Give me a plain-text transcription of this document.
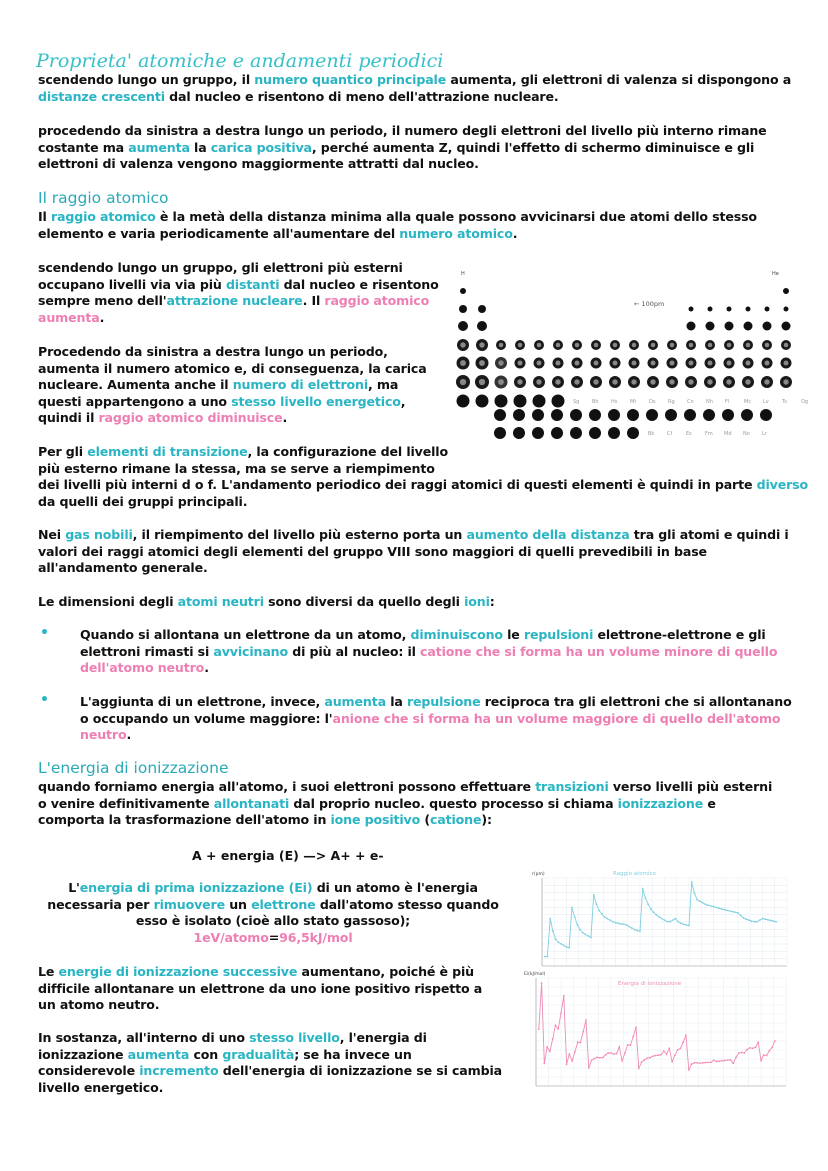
Proprieta' atomiche e andamenti periodici
scendendo lungo un gruppo, il numero quantico principale aumenta, gli elettroni di valenza si dispongono a
distanze crescenti dal nucleo e risentono di meno dell'attrazione nucleare.
procedendo da sinistra a destra lungo un periodo, il numero degli elettroni del livello più interno rimane
costante ma aumenta la carica positiva, perché aumenta Z, quindi l'effetto di schermo diminuisce e gli
elettroni di valenza vengono maggiormente attratti dal nucleo.
Il raggio atomico
Il raggio atomico è la metà della distanza minima alla quale possono avvicinarsi due atomi dello stesso
elemento e varia periodicamente all'aumentare del numero atomico.
scendendo lungo un gruppo, gli elettroni più esterni
occupano livelli via via più distanti dal nucleo e risentono
sempre meno dell'attrazione nucleare. Il raggio atomico
aumenta.
Procedendo da sinistra a destra lungo un periodo,
aumenta il numero atomico e, di conseguenza, la carica
nucleare. Aumenta anche il numero di elettroni, ma
questi appartengono a uno stesso livello energetico,
quindi il raggio atomico diminuisce.
Per gli elementi di transizione, la configurazione del livello
più esterno rimane la stessa, ma se serve a riempimento
dei livelli più interni d o f. L'andamento periodico dei raggi atomici di questi elementi è quindi in parte diverso
da quelli dei gruppi principali.
Nei gas nobili, il riempimento del livello più esterno porta un aumento della distanza tra gli atomi e quindi i
valori dei raggi atomici degli elementi del gruppo VIII sono maggiori di quelli prevedibili in base
all'andamento generale.
Le dimensioni degli atomi neutri sono diversi da quello degli ioni:
• Quando si allontana un elettrone da un atomo, diminuiscono le repulsioni elettrone-elettrone e gli
elettroni rimasti si avvicinano di più al nucleo: il catione che si forma ha un volume minore di quello
dell'atomo neutro.
• L'aggiunta di un elettrone, invece, aumenta la repulsione reciproca tra gli elettroni che si allontanano
o occupando un volume maggiore: l'anione che si forma ha un volume maggiore di quello dell'atomo
neutro.
L'energia di ionizzazione
quando forniamo energia all'atomo, i suoi elettroni possono effettuare transizioni verso livelli più esterni
o venire definitivamente allontanati dal proprio nucleo. questo processo si chiama ionizzazione e
comporta la trasformazione dell'atomo in ione positivo (catione):
A + energia (E) —> A+ + e-
L'energia di prima ionizzazione (Ei) di un atomo è l'energia
necessaria per rimuovere un elettrone dall'atomo stesso quando
esso è isolato (cioè allo stato gassoso);
1eV/atomo=96,5kJ/mol
Le energie di ionizzazione successive aumentano, poiché è più
difficile allontanare un elettrone da uno ione positivo rispetto a
un atomo neutro.
In sostanza, all'interno di uno stesso livello, l'energia di
ionizzazione aumenta con gradualità; se ha invece un
considerevole incremento dell'energia di ionizzazione se si cambia
livello energetico.
Sg	Bh Hs	Mt	Ds	Rg Cn Nh Fl	Mc Lv	Ts	Og
Bk	Cf	Es	Fm Md No Lr
H	He
← 100pm
Raggio atomico
r(pm)
Energia di ionizzazione
Ei(kJ/mol)
